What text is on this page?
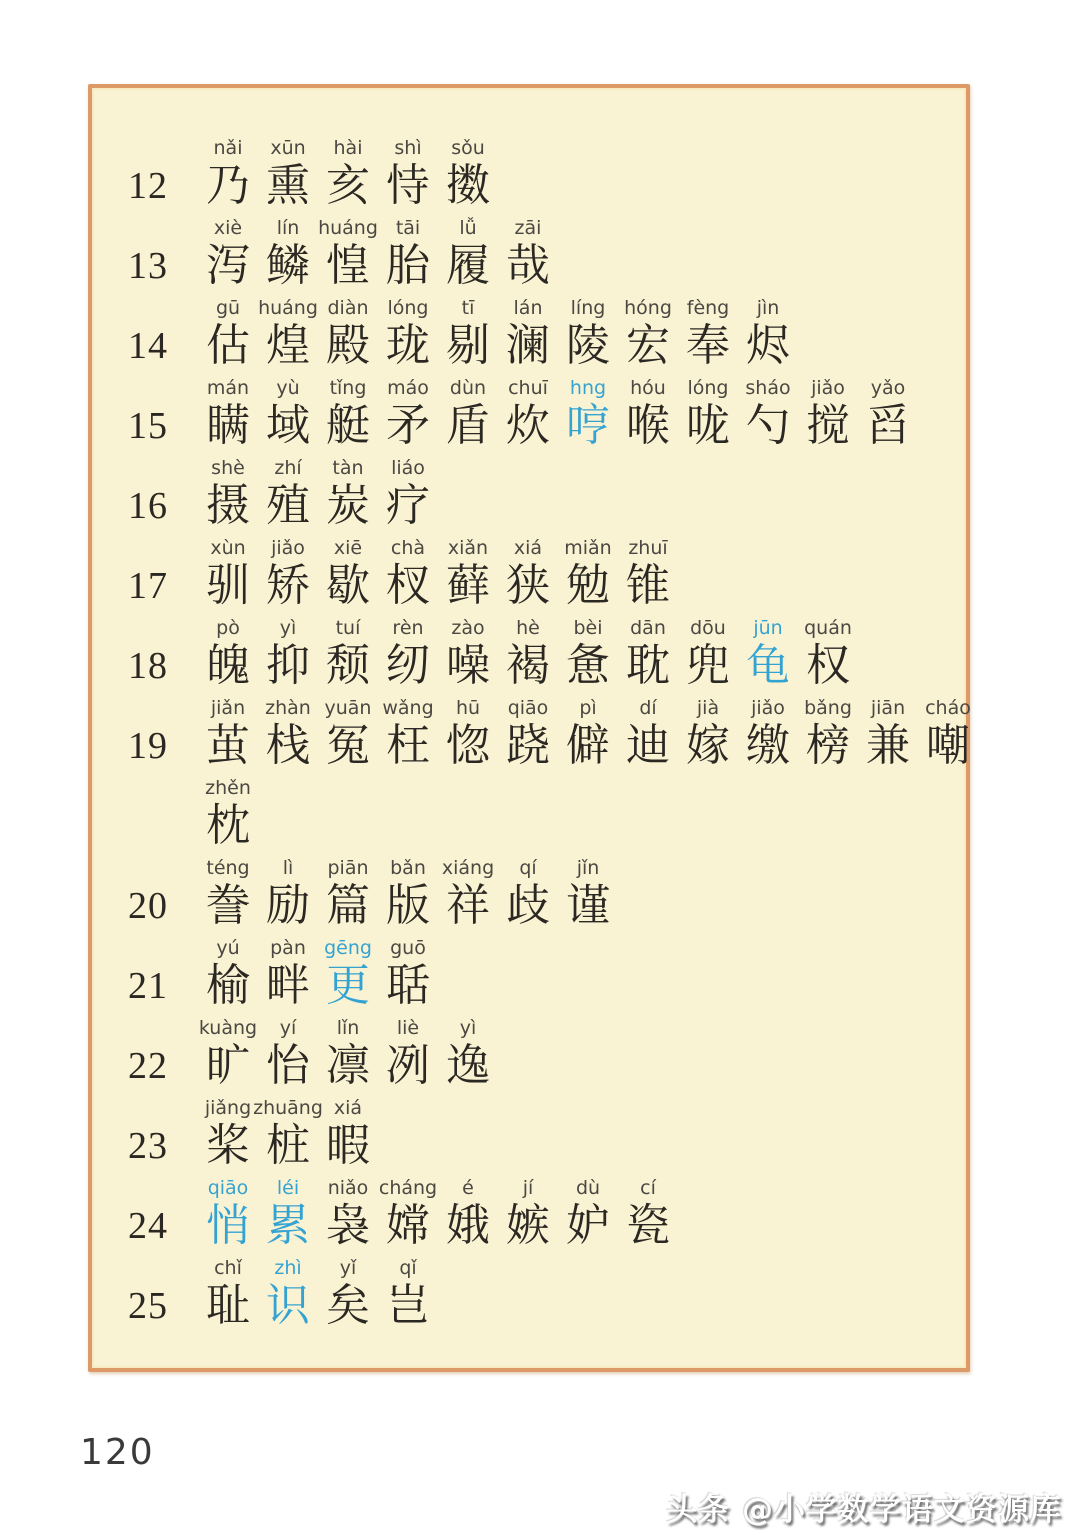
12
nǎi
乃
xūn
熏
hài
亥
shì
恃
sǒu
擞
13
xiè
泻
lín
鳞
huáng
惶
tāi
胎
lǚ
履
zāi
哉
14
gū
估
huáng
煌
diàn
殿
lóng
珑
tī
剔
lán
澜
líng
陵
hóng
宏
fèng
奉
jìn
烬
15
mán
瞒
yù
域
tǐng
艇
máo
矛
dùn
盾
chuī
炊
hng
哼
hóu
喉
lóng
咙
sháo
勺
jiǎo
搅
yǎo
舀
16
shè
摄
zhí
殖
tàn
炭
liáo
疗
17
xùn
驯
jiǎo
矫
xiē
歇
chà
杈
xiǎn
藓
xiá
狭
miǎn
勉
zhuī
锥
18
pò
魄
yì
抑
tuí
颓
rèn
纫
zào
噪
hè
褐
bèi
惫
dān
耽
dōu
兜
jūn
龟
quán
权
19
jiǎn
茧
zhàn
栈
yuān
冤
wǎng
枉
hū
惚
qiāo
跷
pì
僻
dí
迪
jià
嫁
jiǎo
缴
bǎng
榜
jiān
兼
cháo
嘲
zhěn
枕
20
téng
誊
lì
励
piān
篇
bǎn
版
xiáng
祥
qí
歧
jǐn
谨
21
yú
榆
pàn
畔
gēng
更
guō
聒
22
kuàng
旷
yí
怡
lǐn
凛
liè
冽
yì
逸
23
jiǎng
桨
zhuāng
桩
xiá
暇
24
qiāo
悄
léi
累
niǎo
袅
cháng
嫦
é
娥
jí
嫉
dù
妒
cí
瓷
25
chǐ
耻
zhì
识
yǐ
矣
qǐ
岂
120
头条 @小学数学语文资源库
